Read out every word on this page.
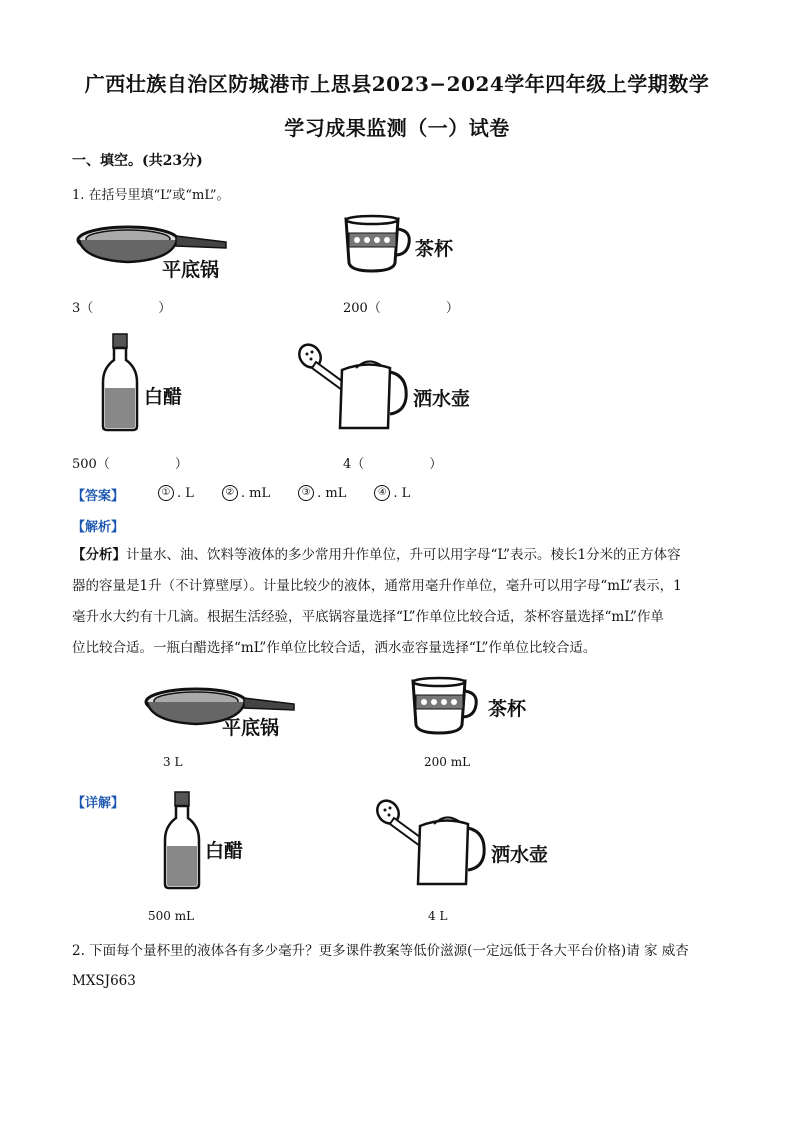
广西壮族自治区防城港市上思县2023−2024学年四年级上学期数学
学习成果监测（一）试卷
一、填空。(共23分)
1. 在括号里填“L”或“mL”。
平底锅
茶杯
3（　　　　　）	200（　　　　　）
白醋	洒水壶
500（　　　　　）	4（　　　　　）
【答案】	① . L	② . mL	③ . mL	④ . L
【解析】
【分析】计量水、油、饮料等液体的多少常用升作单位，升可以用字母“L”表示。棱长1分米的正方体容
器的容量是1升（不计算壁厚）。计量比较少的液体，通常用毫升作单位，毫升可以用字母“mL”表示，1
毫升水大约有十几滴。根据生活经验，平底锅容量选择“L”作单位比较合适，茶杯容量选择“mL”作单
位比较合适。一瓶白醋选择“mL”作单位比较合适，洒水壶容量选择“L”作单位比较合适。
平底锅
茶杯
3 L	200 mL
【详解】
白醋	洒水壶
500 mL	4 L
2. 下面每个量杯里的液体各有多少毫升？更多课件教案等低价滋源(一定远低于各大平台价格)请 家 威杏
MXSJ663
